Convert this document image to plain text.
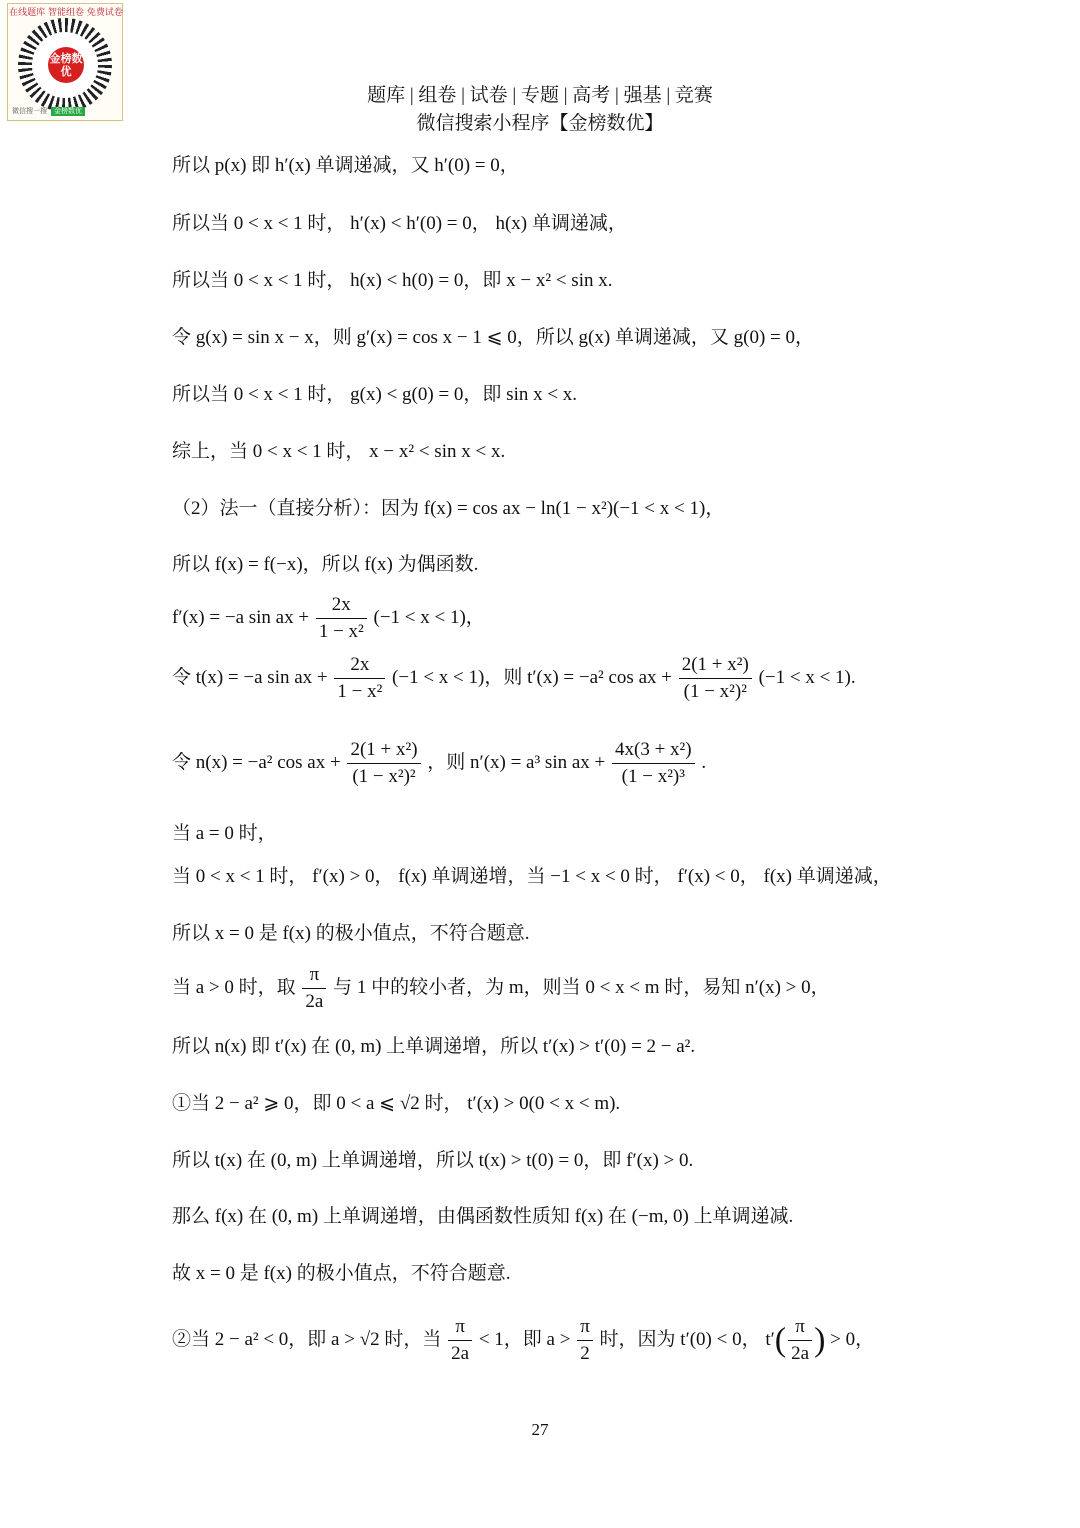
在线题库 智能组卷 免费试卷
金榜数优
微信搜一搜 金榜数优
题库 | 组卷 | 试卷 | 专题 | 高考 | 强基 | 竞赛
微信搜索小程序【金榜数优】
所以 p(x) 即 h′(x) 单调递减，又 h′(0) = 0，
所以当 0 < x < 1 时， h′(x) < h′(0) = 0， h(x) 单调递减，
所以当 0 < x < 1 时， h(x) < h(0) = 0，即 x − x² < sin x.
令 g(x) = sin x − x，则 g′(x) = cos x − 1 ⩽ 0，所以 g(x) 单调递减，又 g(0) = 0，
所以当 0 < x < 1 时， g(x) < g(0) = 0，即 sin x < x.
综上，当 0 < x < 1 时， x − x² < sin x < x.
（2）法一（直接分析）：因为 f(x) = cos ax − ln(1 − x²)(−1 < x < 1)，
所以 f(x) = f(−x)，所以 f(x) 为偶函数.
f′(x) = −a sin ax + $\frac{2x}{\text{1 − x²}} (-1 < x < 1)$，
令 t(x) = −a sin ax + $\frac{2x}{\text{1 − x²}} (-1 < x < 1)$，则 t′(x) = −a² cos ax + $\frac{\text{2(1 + x²)}}{\text{(1 − x²)²}} (-1 < x < 1)$.
令 n(x) = −a² cos ax + $\frac{\text{2(1 + x²)}}{\text{(1 − x²)²}}$ ，则 n′(x) = a³ sin ax + $\frac{\text{4x(3 + x²)}}{\text{(1 − x²)³}}$ .
当 a = 0 时，
当 0 < x < 1 时， f′(x) > 0， f(x) 单调递增，当 −1 < x < 0 时， f′(x) < 0， f(x) 单调递减，
所以 x = 0 是 f(x) 的极小值点，不符合题意.
当 a > 0 时，取 $\frac{\pi}{2a}$ 与 1 中的较小者，为 m，则当 0 < x < m 时，易知 n′(x) > 0，
所以 n(x) 即 t′(x) 在 (0, m) 上单调递增，所以 t′(x) > t′(0) = 2 − a².
①当 2 − a² ⩾ 0，即 0 < a ⩽ √2 时， t′(x) > 0(0 < x < m).
所以 t(x) 在 (0, m) 上单调递增，所以 t(x) > t(0) = 0，即 f′(x) > 0.
那么 f(x) 在 (0, m) 上单调递增，由偶函数性质知 f(x) 在 (−m, 0) 上单调递减.
故 x = 0 是 f(x) 的极小值点，不符合题意.
②当 2 − a² < 0，即 a > √2 时，当 $\frac{\pi}{2a} < 1$，即 $a > \frac{\pi}{2}$ 时，因为 t′(0) < 0， $t'( \frac{\pi}{2a}$ ) > 0，
27
